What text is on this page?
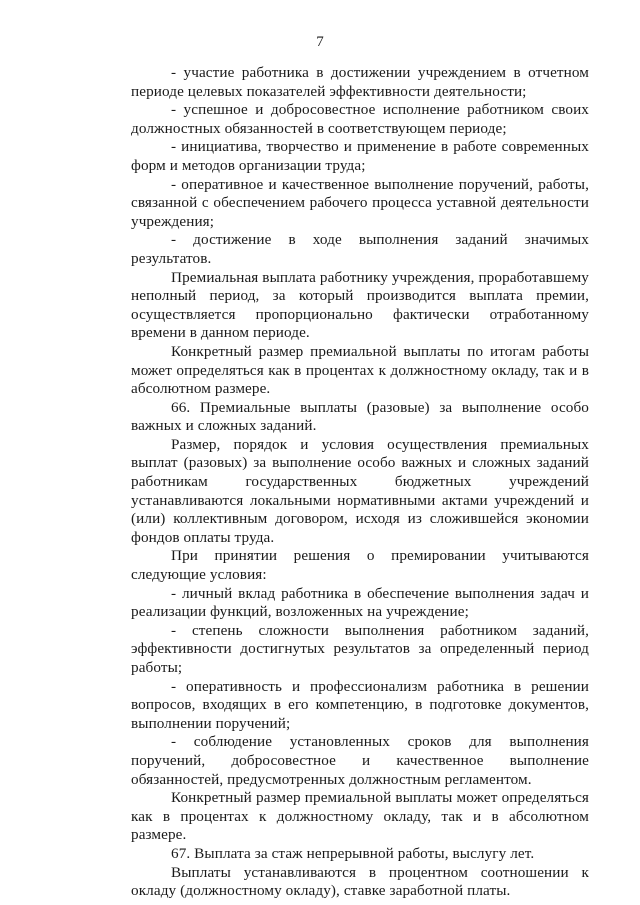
7

- участие работника в достижении учреждением в отчетном периоде целевых показателей эффективности деятельности;

- успешное и добросовестное исполнение работником своих должностных обязанностей в соответствующем периоде;

- инициатива, творчество и применение в работе современных форм и методов организации труда;

- оперативное и качественное выполнение поручений, работы, связанной с обеспечением рабочего процесса уставной деятельности учреждения;

- достижение в ходе выполнения заданий значимых результатов.

Премиальная выплата работнику учреждения, проработавшему неполный период, за который производится выплата премии, осуществляется пропорционально фактически отработанному времени в данном периоде.

Конкретный размер премиальной выплаты по итогам работы может определяться как в процентах к должностному окладу, так и в абсолютном размере.

66. Премиальные выплаты (разовые) за выполнение особо важных и сложных заданий.

Размер, порядок и условия осуществления премиальных выплат (разовых) за выполнение особо важных и сложных заданий работникам государственных бюджетных учреждений устанавливаются локальными нормативными актами учреждений и (или) коллективным договором, исходя из сложившейся экономии фондов оплаты труда.

При принятии решения о премировании учитываются следующие условия:

- личный вклад работника в обеспечение выполнения задач и реализации функций, возложенных на учреждение;

- степень сложности выполнения работником заданий, эффективности достигнутых результатов за определенный период работы;

- оперативность и профессионализм работника в решении вопросов, входящих в его компетенцию, в подготовке документов, выполнении поручений;

- соблюдение установленных сроков для выполнения поручений, добросовестное и качественное выполнение обязанностей, предусмотренных должностным регламентом.

Конкретный размер премиальной выплаты может определяться как в процентах к должностному окладу, так и в абсолютном размере.

67. Выплата за стаж непрерывной работы, выслугу лет.

Выплаты устанавливаются в процентном соотношении к окладу (должностному окладу), ставке заработной платы.
